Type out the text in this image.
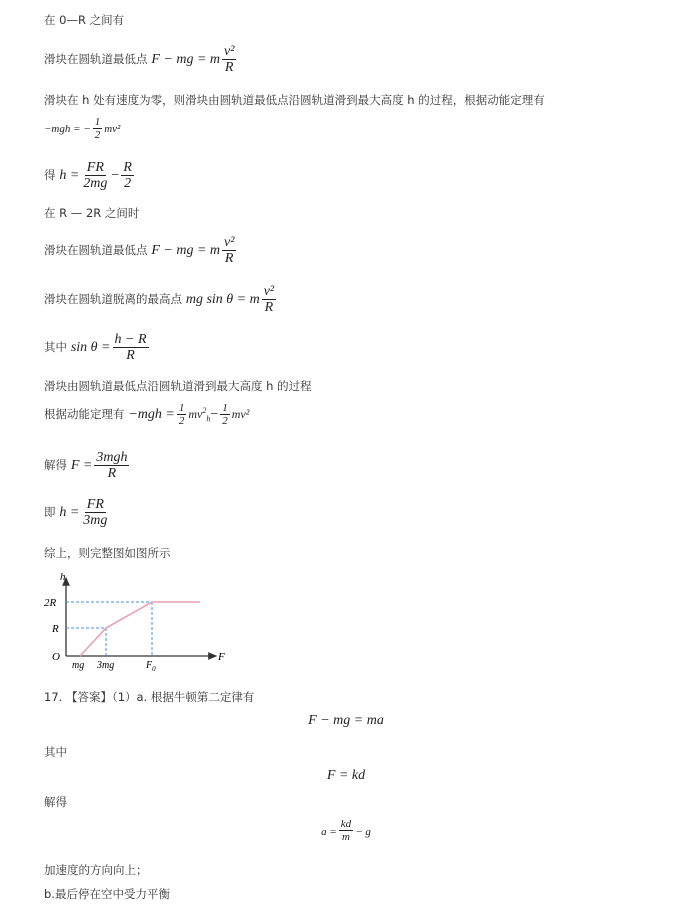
在 0—R 之间有
滑块在圆轨道最低点 F − mg = m $\frac{\text{v²}}{R}$
滑块在 h 处有速度为零，则滑块由圆轨道最低点沿圆轨道滑到最大高度 h 的过程，根据动能定理有
−mgh = − $\frac{1}{2} mv^2$
得 $h = \frac{FR}{2mg} - \frac{R}{2}$
在 R — 2R 之间时
滑块在圆轨道最低点 F − mg = m $\frac{\text{v²}}{R}$
滑块在圆轨道脱离的最高点 mg sin θ = m $\frac{\text{v²}}{R}$
其中 $\sin \theta = \frac{h - R}{R}$
滑块由圆轨道最低点沿圆轨道滑到最大高度 h 的过程
根据动能定理有 $-mgh = \frac{1}{2} mv^2_h- \frac{1}{2} mv^2$
解得 $F = \frac{\text{3mgh}}{R}$
即 $h = \frac{FR}{3mg}$
综上，则完整图如图所示
h
2R
R
O
mg 3mg	$F_0$
F
17. 【答案】（1）a. 根据牛顿第二定律有
F − mg = ma
其中
F = kd
解得
$a = \frac{kd}{m} - g$
加速度的方向向上；
b.最后停在空中受力平衡
